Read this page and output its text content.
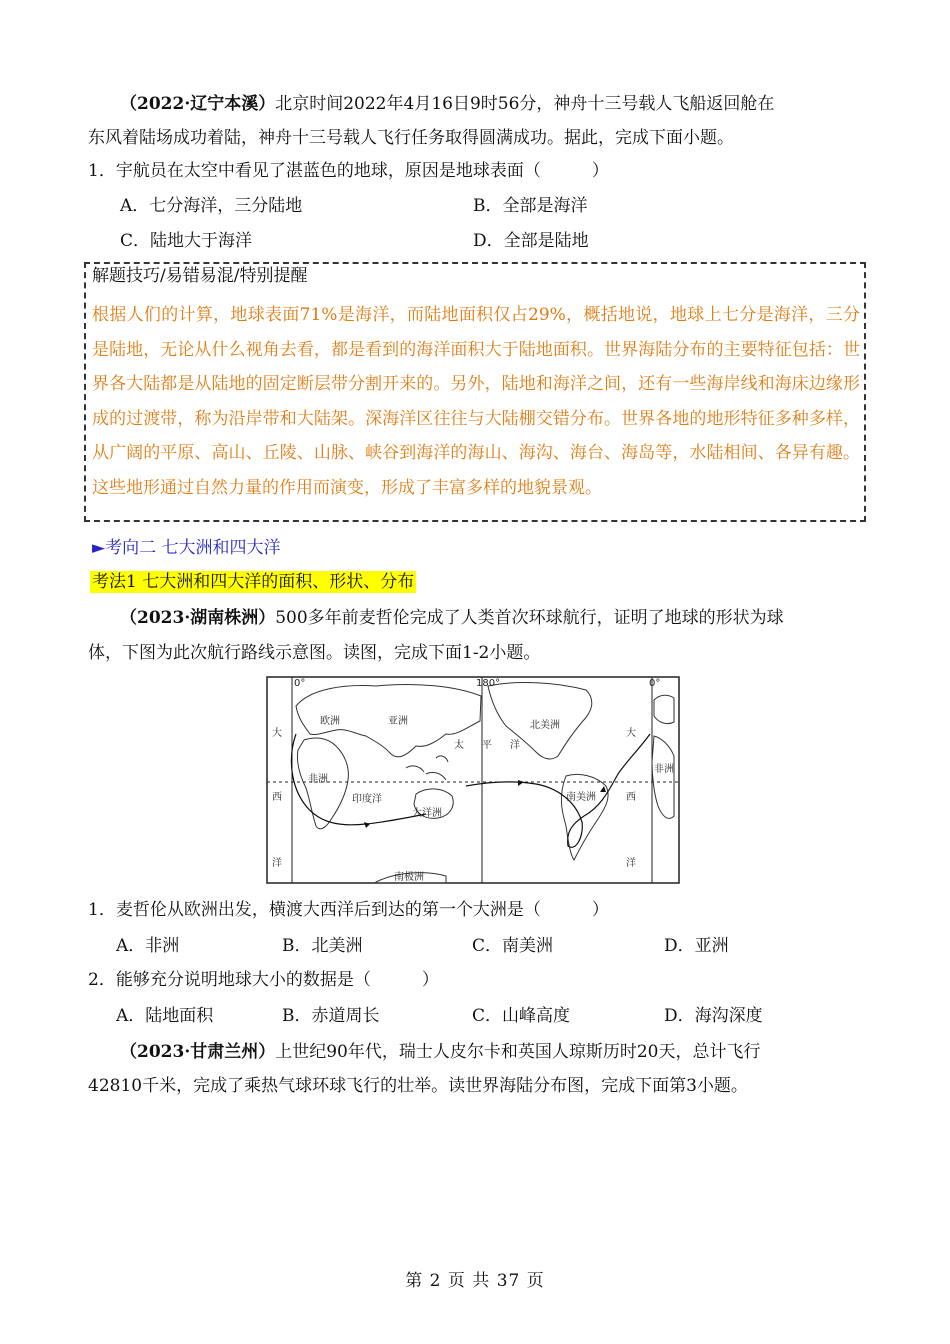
（2022·辽宁本溪）北京时间2022年4月16日9时56分，神舟十三号载人飞船返回舱在
东风着陆场成功着陆，神舟十三号载人飞行任务取得圆满成功。据此，完成下面小题。
1．宇航员在太空中看见了湛蓝色的地球，原因是地球表面（　　　）
A．七分海洋，三分陆地	B．全部是海洋
C．陆地大于海洋	D．全部是陆地
解题技巧/易错易混/特别提醒
根据人们的计算，地球表面71%是海洋，而陆地面积仅占29%，概括地说，地球上七分是海洋，三分是陆地，无论从什么视角去看，都是看到的海洋面积大于陆地面积。世界海陆分布的主要特征包括：世界各大陆都是从陆地的固定断层带分割开来的。另外，陆地和海洋之间，还有一些海岸线和海床边缘形成的过渡带，称为沿岸带和大陆架。深海洋区往往与大陆棚交错分布。世界各地的地形特征多种多样，从广阔的平原、高山、丘陵、山脉、峡谷到海洋的海山、海沟、海台、海岛等，水陆相间、各异有趣。这些地形通过自然力量的作用而演变，形成了丰富多样的地貌景观。
►考向二 七大洲和四大洋
考法1 七大洲和四大洋的面积、形状、分布
（2023·湖南株洲）500多年前麦哲伦完成了人类首次环球航行，证明了地球的形状为球
体，下图为此次航行路线示意图。读图，完成下面1-2小题。
0°	180°	0°
欧洲	亚洲
非洲
非洲
印度洋
大洋洲
太 平 洋
北美洲
南美洲
南极洲
大
西
洋
大
西
洋
1．麦哲伦从欧洲出发，横渡大西洋后到达的第一个大洲是（　　　）
A．非洲	B．北美洲	C．南美洲	D．亚洲
2．能够充分说明地球大小的数据是（　　　）
A．陆地面积	B．赤道周长	C．山峰高度	D．海沟深度
（2023·甘肃兰州）上世纪90年代，瑞士人皮尔卡和英国人琼斯历时20天，总计飞行
42810千米，完成了乘热气球环球飞行的壮举。读世界海陆分布图，完成下面第3小题。
第 2 页 共 37 页
